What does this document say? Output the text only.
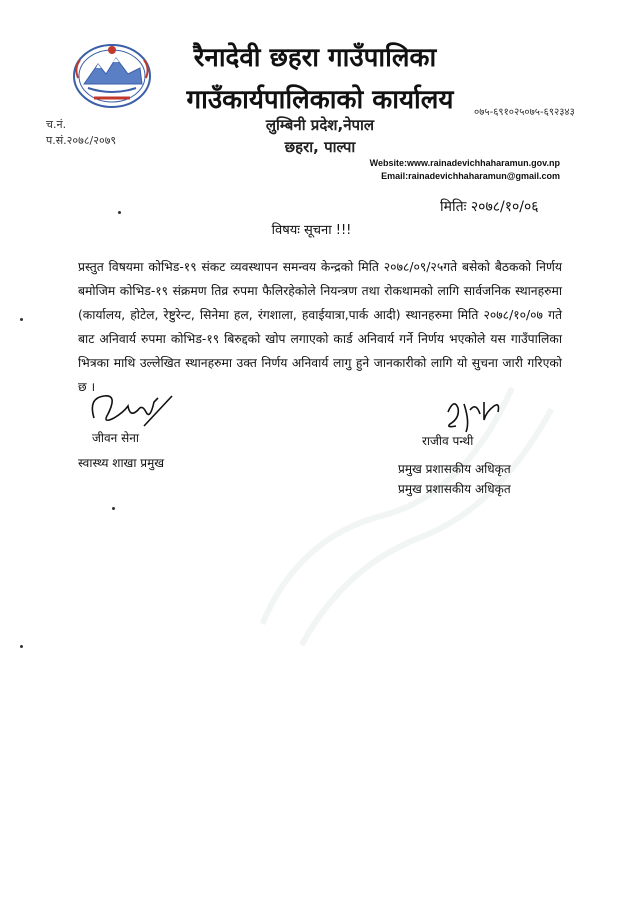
रैनादेवी छहरा गाउँपालिका
गाउँकार्यपालिकाको कार्यालय
लुम्बिनी प्रदेश,नेपाल
छहरा, पाल्पा
०७५-६९१०२५०७५-६९२३४३
च.नं.
प.सं.२०७८/२०७९
Website:www.rainadevichhaharamun.gov.np
Email:rainadevichhaharamun@gmail.com
मितिः २०७८/१०/०६
विषयः सूचना !!!
प्रस्तुत विषयमा कोभिड-१९ संकट व्यवस्थापन समन्वय केन्द्रको मिति २०७८/०९/२५गते बसेको बैठकको निर्णय बमोजिम कोभिड-१९ संक्रमण तिव्र रुपमा फैलिरहेकोले नियन्त्रण तथा रोकथामको लागि सार्वजनिक स्थानहरुमा (कार्यालय, होटेल, रेष्टुरेन्ट, सिनेमा हल, रंगशाला, हवाईयात्रा,पार्क आदी) स्थानहरुमा मिति २०७८/१०/०७ गते बाट अनिवार्य रुपमा कोभिड-१९ बिरुद्दको खोप लगाएको कार्ड अनिवार्य गर्ने निर्णय भएकोले यस गाउँपालिका भित्रका माथि उल्लेखित स्थानहरुमा उक्त निर्णय अनिवार्य लागु हुने जानकारीको लागि यो सुचना जारी गरिएको छ ।
जीवन सेना
स्वास्थ्य शाखा प्रमुख
राजीव पन्थी
प्रमुख प्रशासकीय अधिकृत
प्रमुख प्रशासकीय अधिकृत
